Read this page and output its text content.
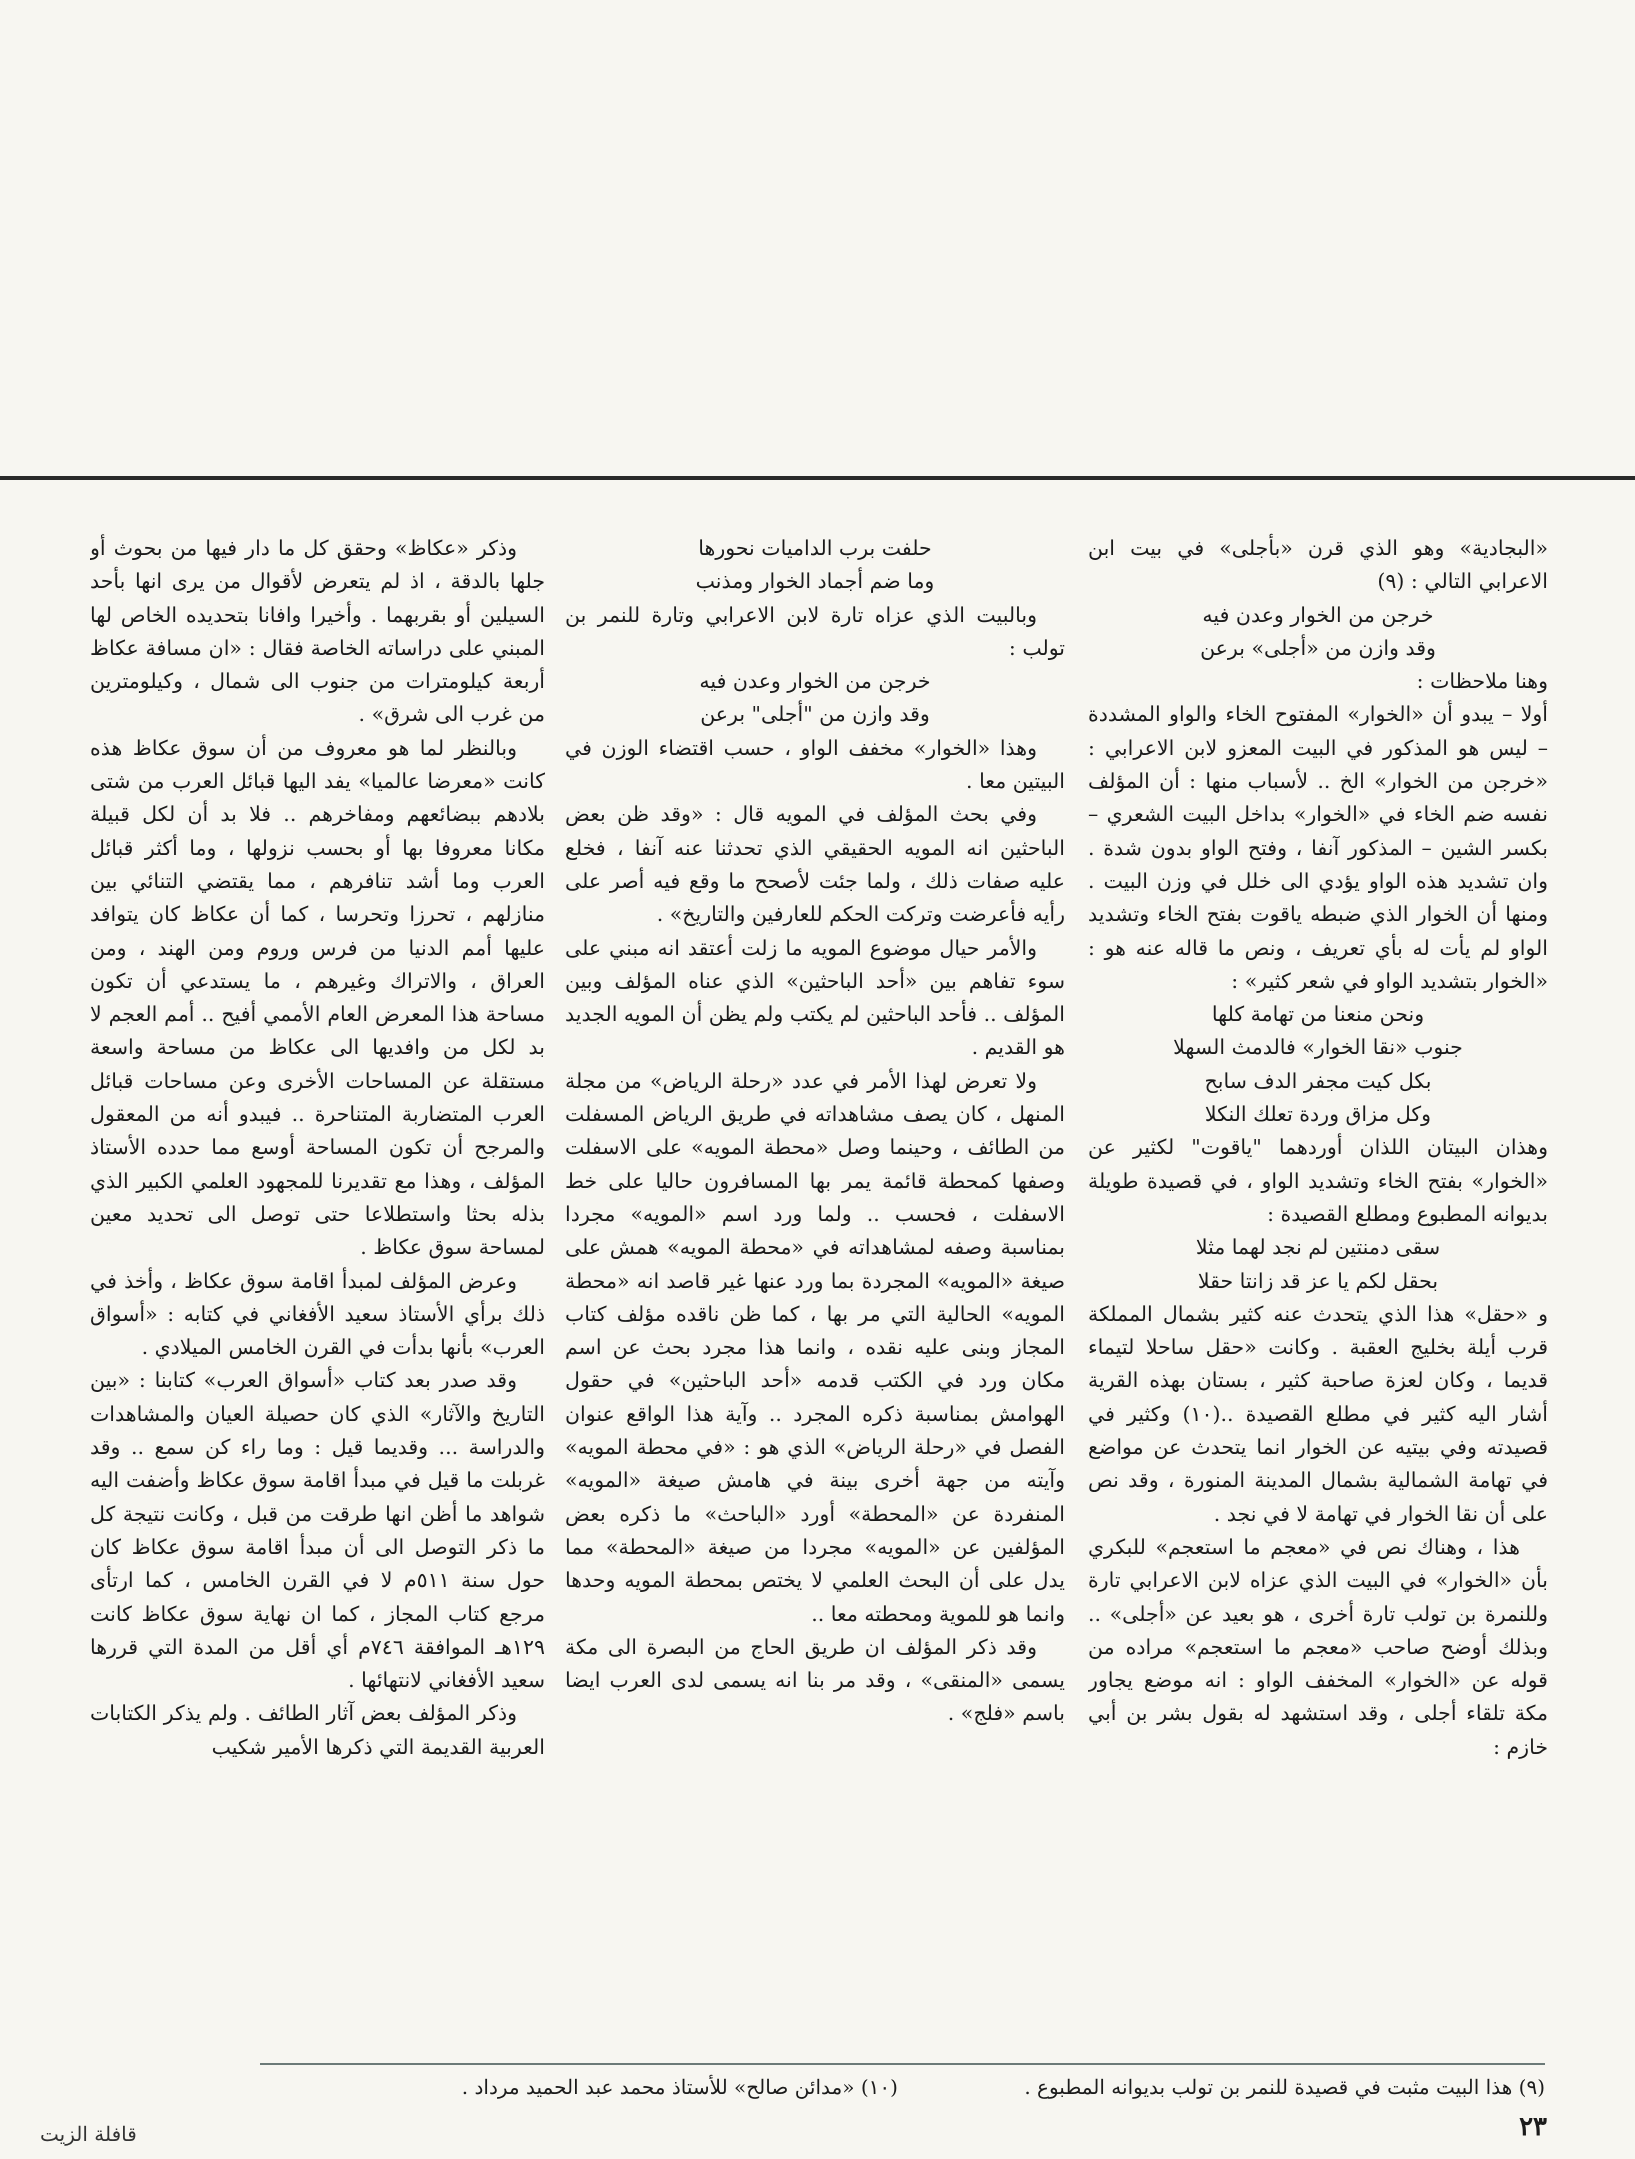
«البجادية» وهو الذي قرن «بأجلى» في بيت ابن الاعرابي التالي : (٩)

خرجن من الخوار وعدن فيه

وقد وازن من «أجلى» برعن

وهنا ملاحظات :

أولا – يبدو أن «الخوار» المفتوح الخاء والواو المشددة – ليس هو المذكور في البيت المعزو لابن الاعرابي : «خرجن من الخوار» الخ .. لأسباب منها : أن المؤلف نفسه ضم الخاء في «الخوار» بداخل البيت الشعري – بكسر الشين – المذكور آنفا ، وفتح الواو بدون شدة . وان تشديد هذه الواو يؤدي الى خلل في وزن البيت . ومنها أن الخوار الذي ضبطه ياقوت بفتح الخاء وتشديد الواو لم يأت له بأي تعريف ، ونص ما قاله عنه هو : «الخوار بتشديد الواو في شعر كثير» :

ونحن منعنا من تهامة كلها

جنوب «نقا الخوار» فالدمث السهلا

بكل كيت مجفر الدف سابح

وكل مزاق وردة تعلك النكلا

وهذان البيتان اللذان أوردهما "ياقوت" لكثير عن «الخوار» بفتح الخاء وتشديد الواو ، في قصيدة طويلة بديوانه المطبوع ومطلع القصيدة :

سقى دمنتين لم نجد لهما مثلا

بحقل لكم يا عز قد زانتا حقلا

و «حقل» هذا الذي يتحدث عنه كثير بشمال المملكة قرب أيلة بخليج العقبة . وكانت «حقل ساحلا لتيماء قديما ، وكان لعزة صاحبة كثير ، بستان بهذه القرية أشار اليه كثير في مطلع القصيدة ..(١٠) وكثير في قصيدته وفي بيتيه عن الخوار انما يتحدث عن مواضع في تهامة الشمالية بشمال المدينة المنورة ، وقد نص على أن نقا الخوار في تهامة لا في نجد .

هذا ، وهناك نص في «معجم ما استعجم» للبكري بأن «الخوار» في البيت الذي عزاه لابن الاعرابي تارة وللنمرة بن تولب تارة أخرى ، هو بعيد عن «أجلى» .. وبذلك أوضح صاحب «معجم ما استعجم» مراده من قوله عن «الخوار» المخفف الواو : انه موضع يجاور مكة تلقاء أجلى ، وقد استشهد له بقول بشر بن أبي خازم :

حلفت برب الداميات نحورها

وما ضم أجماد الخوار ومذنب

وبالبيت الذي عزاه تارة لابن الاعرابي وتارة للنمر بن تولب :

خرجن من الخوار وعدن فيه

وقد وازن من "أجلى" برعن

وهذا «الخوار» مخفف الواو ، حسب اقتضاء الوزن في البيتين معا .

وفي بحث المؤلف في المويه قال : «وقد ظن بعض الباحثين انه المويه الحقيقي الذي تحدثنا عنه آنفا ، فخلع عليه صفات ذلك ، ولما جئت لأصحح ما وقع فيه أصر على رأيه فأعرضت وتركت الحكم للعارفين والتاريخ» .

والأمر حيال موضوع المويه ما زلت أعتقد انه مبني على سوء تفاهم بين «أحد الباحثين» الذي عناه المؤلف وبين المؤلف .. فأحد الباحثين لم يكتب ولم يظن أن المويه الجديد هو القديم .

ولا تعرض لهذا الأمر في عدد «رحلة الرياض» من مجلة المنهل ، كان يصف مشاهداته في طريق الرياض المسفلت من الطائف ، وحينما وصل «محطة المويه» على الاسفلت وصفها كمحطة قائمة يمر بها المسافرون حاليا على خط الاسفلت ، فحسب .. ولما ورد اسم «المويه» مجردا بمناسبة وصفه لمشاهداته في «محطة المويه» همش على صيغة «المويه» المجردة بما ورد عنها غير قاصد انه «محطة المويه» الحالية التي مر بها ، كما ظن ناقده مؤلف كتاب المجاز وبنى عليه نقده ، وانما هذا مجرد بحث عن اسم مكان ورد في الكتب قدمه «أحد الباحثين» في حقول الهوامش بمناسبة ذكره المجرد .. وآية هذا الواقع عنوان الفصل في «رحلة الرياض» الذي هو : «في محطة المويه» وآيته من جهة أخرى بينة في هامش صيغة «المويه» المنفردة عن «المحطة» أورد «الباحث» ما ذكره بعض المؤلفين عن «المويه» مجردا من صيغة «المحطة» مما يدل على أن البحث العلمي لا يختص بمحطة المويه وحدها وانما هو للموية ومحطته معا ..

وقد ذكر المؤلف ان طريق الحاج من البصرة الى مكة يسمى «المنقى» ، وقد مر بنا انه يسمى لدى العرب ايضا باسم «فلج» .

وذكر «عكاظ» وحقق كل ما دار فيها من بحوث أو جلها بالدقة ، اذ لم يتعرض لأقوال من يرى انها بأحد السيلين أو بقربهما . وأخيرا وافانا بتحديده الخاص لها المبني على دراساته الخاصة فقال : «ان مسافة عكاظ أربعة كيلومترات من جنوب الى شمال ، وكيلومترين من غرب الى شرق» .

وبالنظر لما هو معروف من أن سوق عكاظ هذه كانت «معرضا عالميا» يفد اليها قبائل العرب من شتى بلادهم ببضائعهم ومفاخرهم .. فلا بد أن لكل قبيلة مكانا معروفا بها أو بحسب نزولها ، وما أكثر قبائل العرب وما أشد تنافرهم ، مما يقتضي التنائي بين منازلهم ، تحرزا وتحرسا ، كما أن عكاظ كان يتوافد عليها أمم الدنيا من فرس وروم ومن الهند ، ومن العراق ، والاتراك وغيرهم ، ما يستدعي أن تكون مساحة هذا المعرض العام الأممي أفيح .. أمم العجم لا بد لكل من وافديها الى عكاظ من مساحة واسعة مستقلة عن المساحات الأخرى وعن مساحات قبائل العرب المتضاربة المتناحرة .. فيبدو أنه من المعقول والمرجح أن تكون المساحة أوسع مما حدده الأستاذ المؤلف ، وهذا مع تقديرنا للمجهود العلمي الكبير الذي بذله بحثا واستطلاعا حتى توصل الى تحديد معين لمساحة سوق عكاظ .

وعرض المؤلف لمبدأ اقامة سوق عكاظ ، وأخذ في ذلك برأي الأستاذ سعيد الأفغاني في كتابه : «أسواق العرب» بأنها بدأت في القرن الخامس الميلادي .

وقد صدر بعد كتاب «أسواق العرب» كتابنا : «بين التاريخ والآثار» الذي كان حصيلة العيان والمشاهدات والدراسة ... وقديما قيل : وما راء كن سمع .. وقد غربلت ما قيل في مبدأ اقامة سوق عكاظ وأضفت اليه شواهد ما أظن انها طرقت من قبل ، وكانت نتيجة كل ما ذكر التوصل الى أن مبدأ اقامة سوق عكاظ كان حول سنة ٥١١م لا في القرن الخامس ، كما ارتأى مرجع كتاب المجاز ، كما ان نهاية سوق عكاظ كانت ١٢٩هـ الموافقة ٧٤٦م أي أقل من المدة التي قررها سعيد الأفغاني لانتهائها .

وذكر المؤلف بعض آثار الطائف . ولم يذكر الكتابات العربية القديمة التي ذكرها الأمير شكيب

(٩) هذا البيت مثبت في قصيدة للنمر بن تولب بديوانه المطبوع . (١٠) «مدائن صالح» للأستاذ محمد عبد الحميد مرداد .
٢٣
قافلة الزيت
